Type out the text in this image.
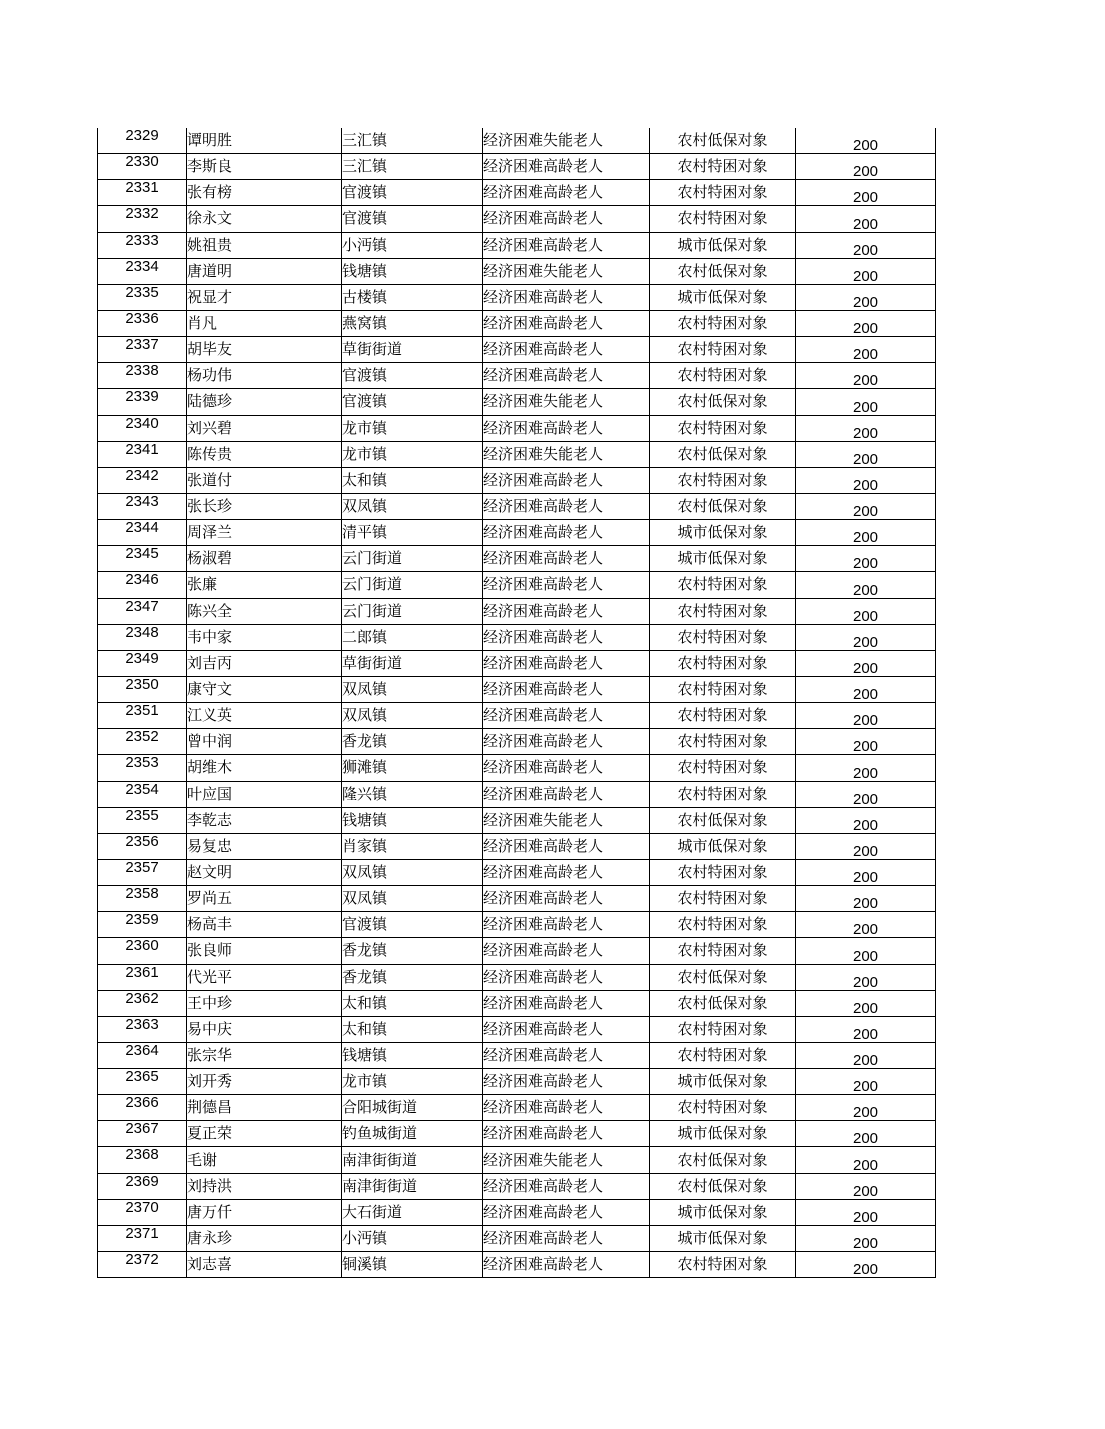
2329	谭明胜	三汇镇	经济困难失能老人	农村低保对象	200
2330	李斯良	三汇镇	经济困难高龄老人	农村特困对象	200
2331	张有榜	官渡镇	经济困难高龄老人	农村特困对象	200
2332	徐永文	官渡镇	经济困难高龄老人	农村特困对象	200
2333	姚祖贵	小沔镇	经济困难高龄老人	城市低保对象	200
2334	唐道明	钱塘镇	经济困难失能老人	农村低保对象	200
2335	祝显才	古楼镇	经济困难高龄老人	城市低保对象	200
2336	肖凡	燕窝镇	经济困难高龄老人	农村特困对象	200
2337	胡毕友	草街街道	经济困难高龄老人	农村特困对象	200
2338	杨功伟	官渡镇	经济困难高龄老人	农村特困对象	200
2339	陆德珍	官渡镇	经济困难失能老人	农村低保对象	200
2340	刘兴碧	龙市镇	经济困难高龄老人	农村特困对象	200
2341	陈传贵	龙市镇	经济困难失能老人	农村低保对象	200
2342	张道付	太和镇	经济困难高龄老人	农村特困对象	200
2343	张长珍	双凤镇	经济困难高龄老人	农村低保对象	200
2344	周泽兰	清平镇	经济困难高龄老人	城市低保对象	200
2345	杨淑碧	云门街道	经济困难高龄老人	城市低保对象	200
2346	张廉	云门街道	经济困难高龄老人	农村特困对象	200
2347	陈兴全	云门街道	经济困难高龄老人	农村特困对象	200
2348	韦中家	二郎镇	经济困难高龄老人	农村特困对象	200
2349	刘吉丙	草街街道	经济困难高龄老人	农村特困对象	200
2350	康守文	双凤镇	经济困难高龄老人	农村特困对象	200
2351	江义英	双凤镇	经济困难高龄老人	农村特困对象	200
2352	曾中润	香龙镇	经济困难高龄老人	农村特困对象	200
2353	胡维木	狮滩镇	经济困难高龄老人	农村特困对象	200
2354	叶应国	隆兴镇	经济困难高龄老人	农村特困对象	200
2355	李乾志	钱塘镇	经济困难失能老人	农村低保对象	200
2356	易复忠	肖家镇	经济困难高龄老人	城市低保对象	200
2357	赵文明	双凤镇	经济困难高龄老人	农村特困对象	200
2358	罗尚五	双凤镇	经济困难高龄老人	农村特困对象	200
2359	杨高丰	官渡镇	经济困难高龄老人	农村特困对象	200
2360	张良师	香龙镇	经济困难高龄老人	农村特困对象	200
2361	代光平	香龙镇	经济困难高龄老人	农村低保对象	200
2362	王中珍	太和镇	经济困难高龄老人	农村低保对象	200
2363	易中庆	太和镇	经济困难高龄老人	农村特困对象	200
2364	张宗华	钱塘镇	经济困难高龄老人	农村特困对象	200
2365	刘开秀	龙市镇	经济困难高龄老人	城市低保对象	200
2366	荆德昌	合阳城街道	经济困难高龄老人	农村特困对象	200
2367	夏正荣	钓鱼城街道	经济困难高龄老人	城市低保对象	200
2368	毛谢	南津街街道	经济困难失能老人	农村低保对象	200
2369	刘持洪	南津街街道	经济困难高龄老人	农村低保对象	200
2370	唐万仟	大石街道	经济困难高龄老人	城市低保对象	200
2371	唐永珍	小沔镇	经济困难高龄老人	城市低保对象	200
2372	刘志喜	铜溪镇	经济困难高龄老人	农村特困对象	200
